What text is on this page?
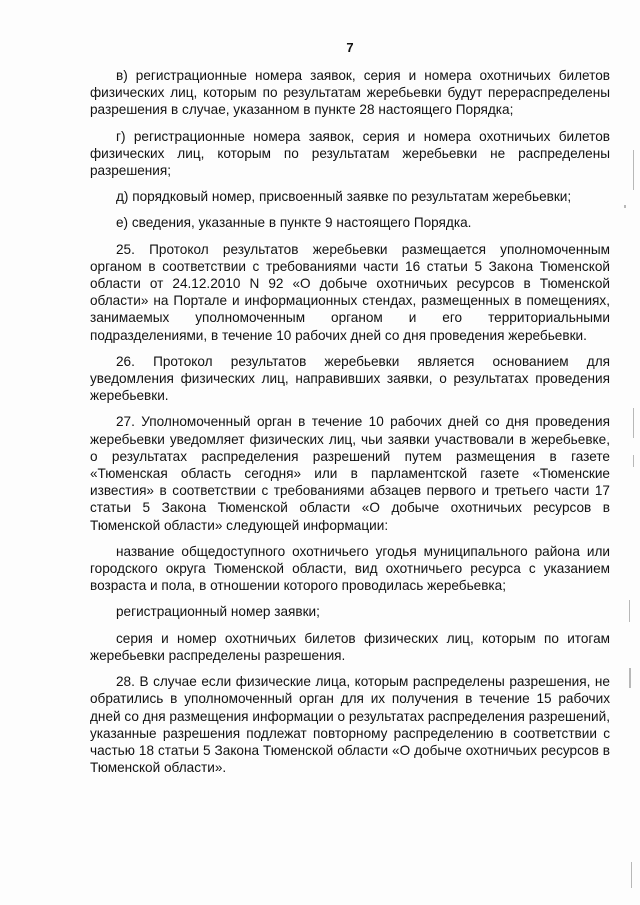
7

в) регистрационные номера заявок, серия и номера охотничьих билетов физических лиц, которым по результатам жеребьевки будут перераспределены разрешения в случае, указанном в пункте 28 настоящего Порядка;

г) регистрационные номера заявок, серия и номера охотничьих билетов физических лиц, которым по результатам жеребьевки не распределены разрешения;

д) порядковый номер, присвоенный заявке по результатам жеребьевки;

е) сведения, указанные в пункте 9 настоящего Порядка.

25. Протокол результатов жеребьевки размещается уполномоченным органом в соответствии с требованиями части 16 статьи 5 Закона Тюменской области от 24.12.2010 N 92 «О добыче охотничьих ресурсов в Тюменской области» на Портале и информационных стендах, размещенных в помещениях, занимаемых уполномоченным органом и его территориальными подразделениями, в течение 10 рабочих дней со дня проведения жеребьевки.

26. Протокол результатов жеребьевки является основанием для уведомления физических лиц, направивших заявки, о результатах проведения жеребьевки.

27. Уполномоченный орган в течение 10 рабочих дней со дня проведения жеребьевки уведомляет физических лиц, чьи заявки участвовали в жеребьевке, о результатах распределения разрешений путем размещения в газете «Тюменская область сегодня» или в парламентской газете «Тюменские известия» в соответствии с требованиями абзацев первого и третьего части 17 статьи 5 Закона Тюменской области «О добыче охотничьих ресурсов в Тюменской области» следующей информации:

название общедоступного охотничьего угодья муниципального района или городского округа Тюменской области, вид охотничьего ресурса с указанием возраста и пола, в отношении которого проводилась жеребьевка;

регистрационный номер заявки;

серия и номер охотничьих билетов физических лиц, которым по итогам жеребьевки распределены разрешения.

28. В случае если физические лица, которым распределены разрешения, не обратились в уполномоченный орган для их получения в течение 15 рабочих дней со дня размещения информации о результатах распределения разрешений, указанные разрешения подлежат повторному распределению в соответствии с частью 18 статьи 5 Закона Тюменской области «О добыче охотничьих ресурсов в Тюменской области».
